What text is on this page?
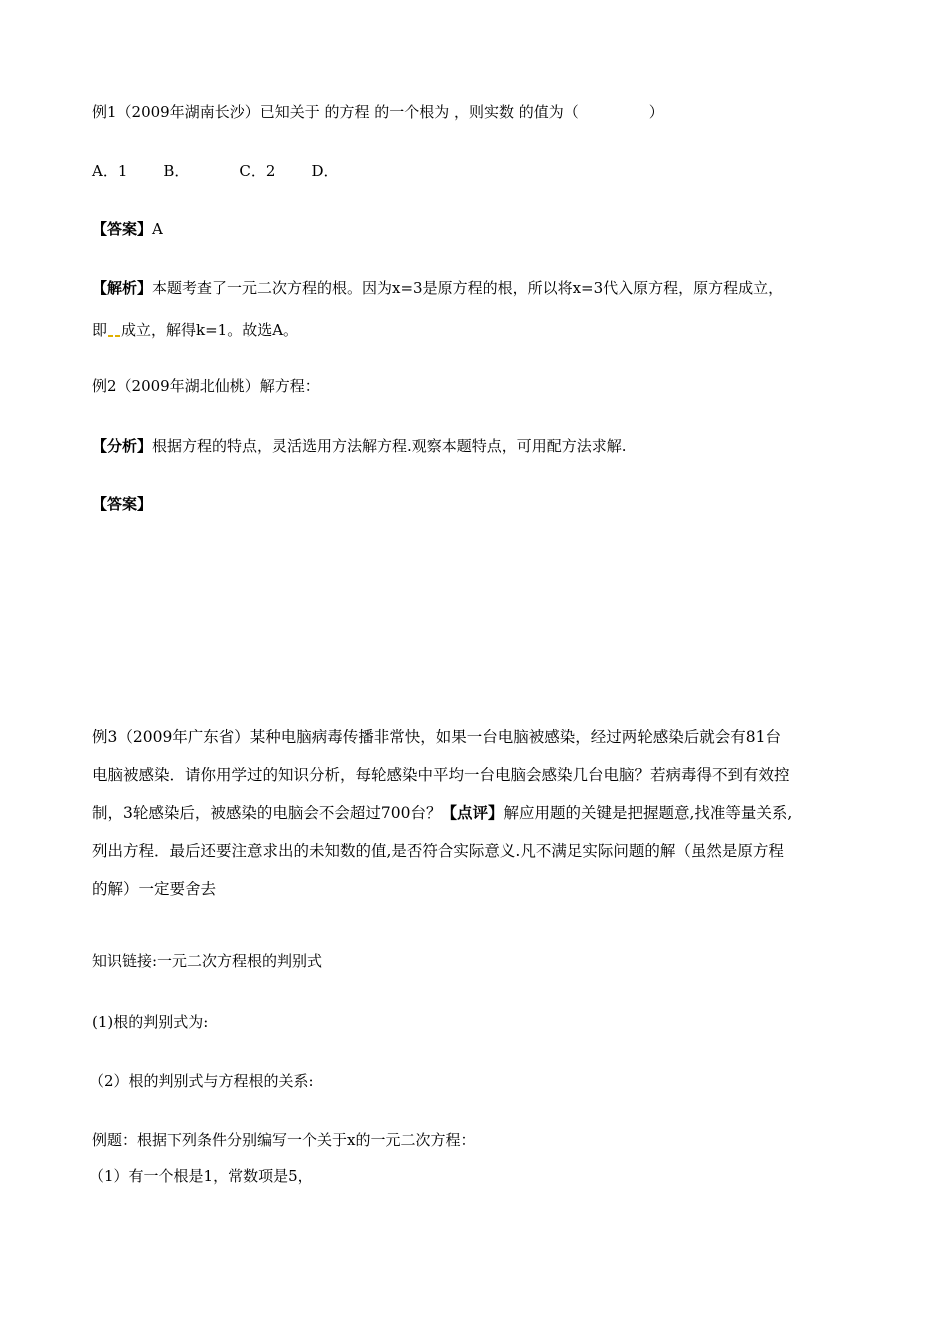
例1（2009年湖南长沙）已知关于 的方程 的一个根为 ，则实数 的值为（	）
A．1 B．	C．2 D．
【答案】A
【解析】本题考查了一元二次方程的根。因为x=3是原方程的根，所以将x=3代入原方程，原方程成立，
即 成立，解得k=1。故选A。
例2（2009年湖北仙桃）解方程：
【分析】根据方程的特点，灵活选用方法解方程.观察本题特点，可用配方法求解.
【答案】
例3（2009年广东省）某种电脑病毒传播非常快，如果一台电脑被感染，经过两轮感染后就会有81台
电脑被感染．请你用学过的知识分析，每轮感染中平均一台电脑会感染几台电脑？若病毒得不到有效控
制，3轮感染后，被感染的电脑会不会超过700台？【点评】解应用题的关键是把握题意,找准等量关系,
列出方程．最后还要注意求出的未知数的值,是否符合实际意义.凡不满足实际问题的解（虽然是原方程
的解）一定要舍去
知识链接:一元二次方程根的判别式
(1)根的判别式为:
（2）根的判别式与方程根的关系:
例题：根据下列条件分别编写一个关于x的一元二次方程：
（1）有一个根是1，常数项是5，
